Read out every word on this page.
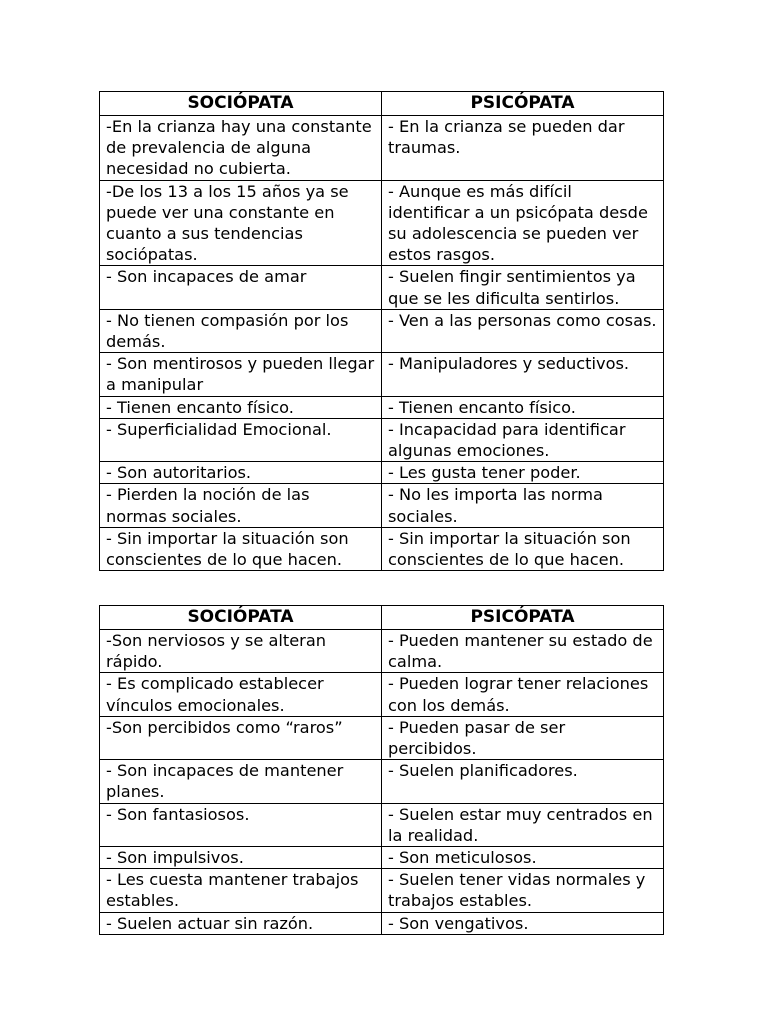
SOCIÓPATA	PSICÓPATA
-En la crianza hay una constante de prevalencia de alguna necesidad no cubierta.	- En la crianza se pueden dar traumas.
-De los 13 a los 15 años ya se puede ver una constante en cuanto a sus tendencias sociópatas.	- Aunque es más difícil identificar a un psicópata desde su adolescencia se pueden ver estos rasgos.
- Son incapaces de amar	- Suelen fingir sentimientos ya que se les dificulta sentirlos.
- No tienen compasión por los demás.	- Ven a las personas como cosas.
- Son mentirosos y pueden llegar a manipular	- Manipuladores y seductivos.
- Tienen encanto físico.	- Tienen encanto físico.
- Superficialidad Emocional.	- Incapacidad para identificar algunas emociones.
- Son autoritarios.	- Les gusta tener poder.
- Pierden la noción de las normas sociales.	- No les importa las norma sociales.
- Sin importar la situación son conscientes de lo que hacen.	- Sin importar la situación son conscientes de lo que hacen.
SOCIÓPATA	PSICÓPATA
-Son nerviosos y se alteran rápido.	- Pueden mantener su estado de calma.
- Es complicado establecer vínculos emocionales.	- Pueden lograr tener relaciones con los demás.
-Son percibidos como “raros”	- Pueden pasar de ser percibidos.
- Son incapaces de mantener planes.	- Suelen planificadores.
- Son fantasiosos.	- Suelen estar muy centrados en la realidad.
- Son impulsivos.	- Son meticulosos.
- Les cuesta mantener trabajos estables.	- Suelen tener vidas normales y trabajos estables.
- Suelen actuar sin razón.	- Son vengativos.
